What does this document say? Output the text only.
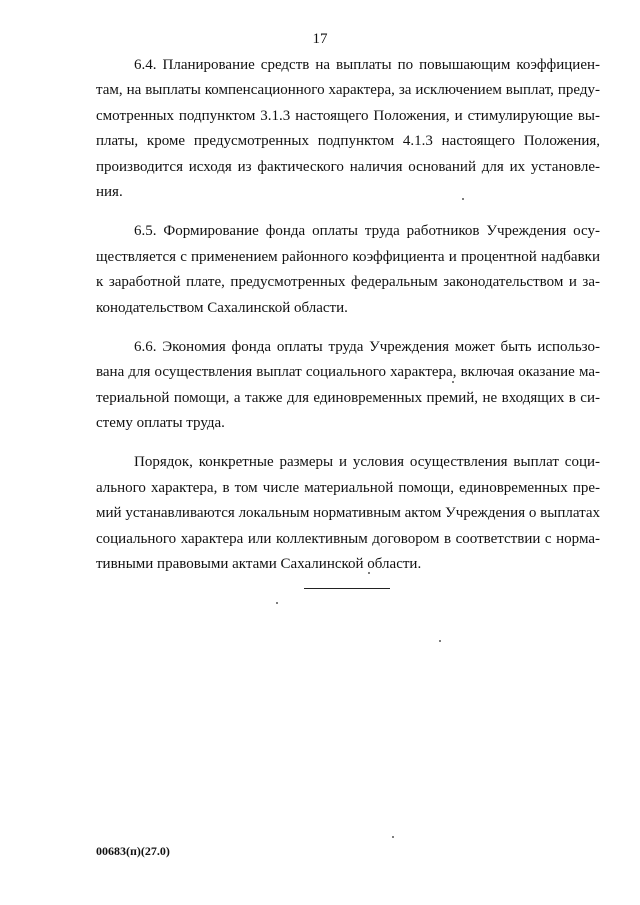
17
6.4. Планирование средств на выплаты по повышающим коэффициен-
там, на выплаты компенсационного характера, за исключением выплат, преду-
смотренных подпунктом 3.1.3 настоящего Положения, и стимулирующие вы-
платы, кроме предусмотренных подпунктом 4.1.3 настоящего Положения,
производится исходя из фактического наличия оснований для их установле-
ния.
6.5. Формирование фонда оплаты труда работников Учреждения осу-
ществляется с применением районного коэффициента и процентной надбавки
к заработной плате, предусмотренных федеральным законодательством и за-
конодательством Сахалинской области.
6.6. Экономия фонда оплаты труда Учреждения может быть использо-
вана для осуществления выплат социального характера, включая оказание ма-
териальной помощи, а также для единовременных премий, не входящих в си-
стему оплаты труда.
Порядок, конкретные размеры и условия осуществления выплат соци-
ального характера, в том числе материальной помощи, единовременных пре-
мий устанавливаются локальным нормативным актом Учреждения о выплатах
социального характера или коллективным договором в соответствии с норма-
тивными правовыми актами Сахалинской области.
00683(п)(27.0)
